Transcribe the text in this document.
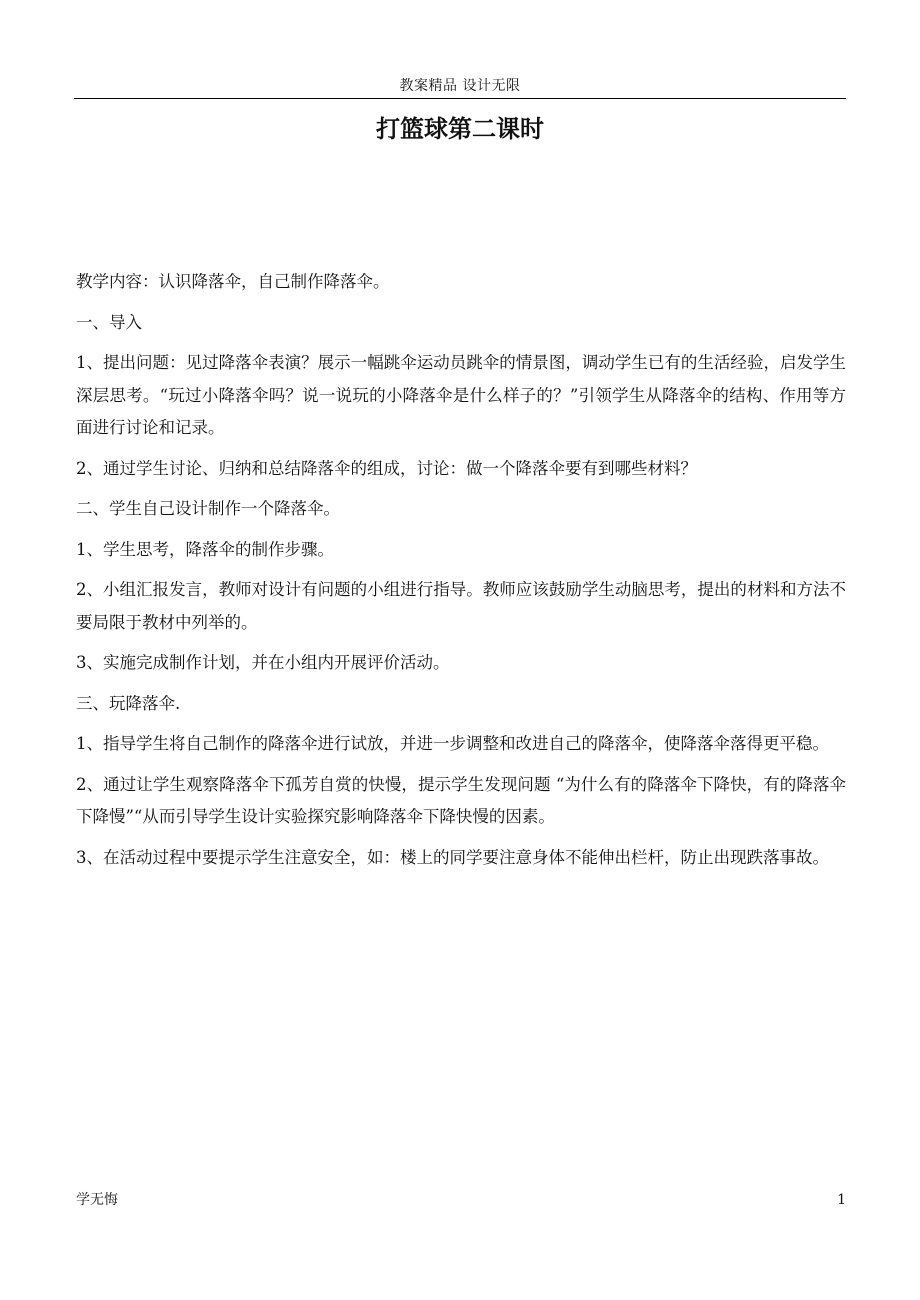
教案精品 设计无限
打篮球第二课时

教学内容：认识降落伞，自己制作降落伞。

一、导入

1、提出问题：见过降落伞表演？展示一幅跳伞运动员跳伞的情景图，调动学生已有的生活经验，启发学生深层思考。“玩过小降落伞吗？说一说玩的小降落伞是什么样子的？”引领学生从降落伞的结构、作用等方面进行讨论和记录。

2、通过学生讨论、归纳和总结降落伞的组成，讨论：做一个降落伞要有到哪些材料？

二、学生自己设计制作一个降落伞。

1、学生思考，降落伞的制作步骤。

2、小组汇报发言，教师对设计有问题的小组进行指导。教师应该鼓励学生动脑思考，提出的材料和方法不要局限于教材中列举的。

3、实施完成制作计划，并在小组内开展评价活动。

三、玩降落伞.

1、指导学生将自己制作的降落伞进行试放，并进一步调整和改进自己的降落伞，使降落伞落得更平稳。

2、通过让学生观察降落伞下孤芳自赏的快慢，提示学生发现问题 “为什么有的降落伞下降快，有的降落伞下降慢”“从而引导学生设计实验探究影响降落伞下降快慢的因素。

3、在活动过程中要提示学生注意安全，如：楼上的同学要注意身体不能伸出栏杆，防止出现跌落事故。

学无悔	1
